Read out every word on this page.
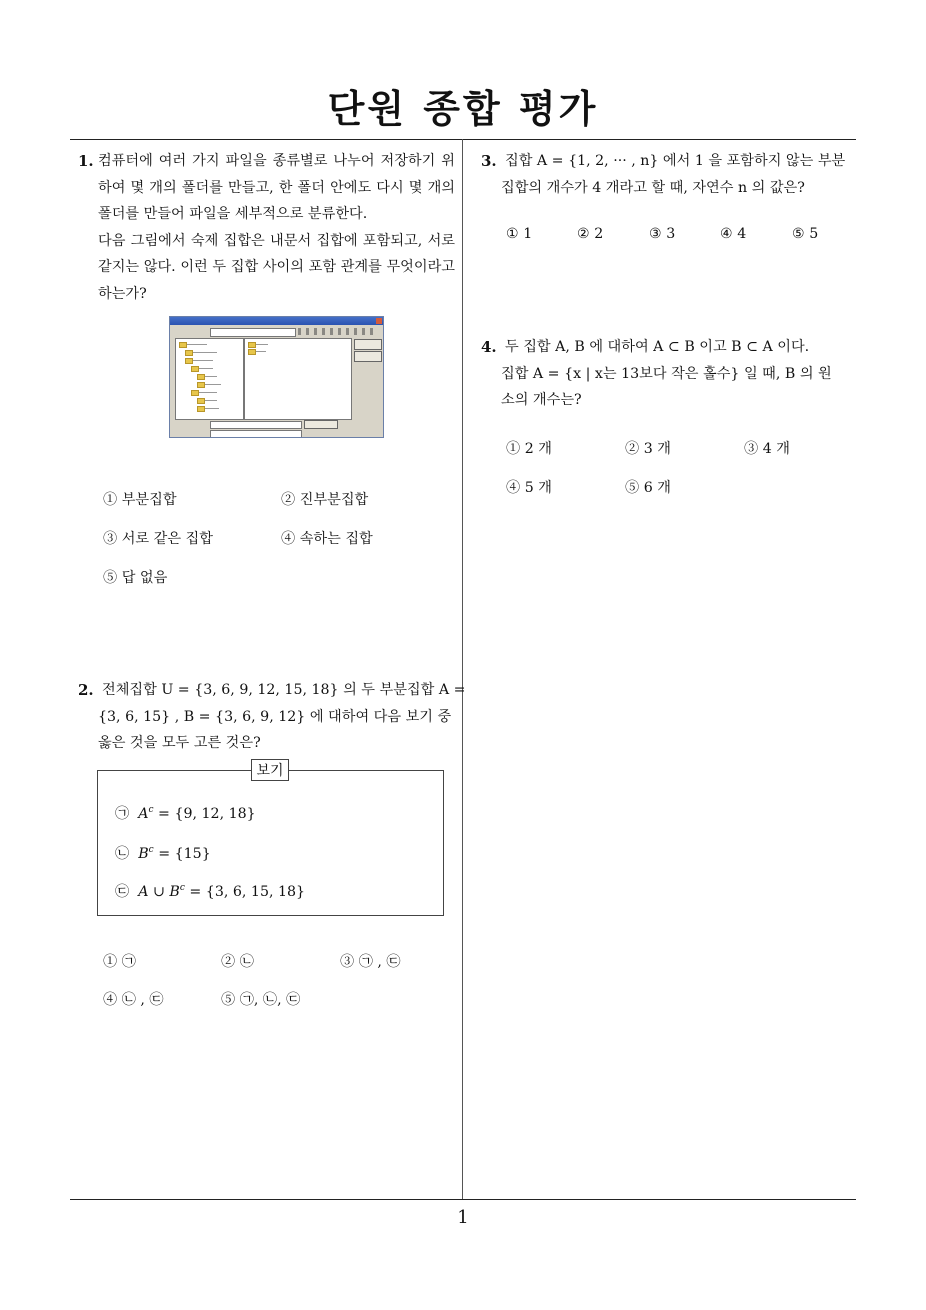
단원 종합 평가
1
1. 컴퓨터에 여러 가지 파일을 종류별로 나누어 저장하기 위하여 몇 개의 폴더를 만들고, 한 폴더 안에도 다시 몇 개의 폴더를 만들어 파일을 세부적으로 분류한다.

다음 그림에서 숙제 집합은 내문서 집합에 포함되고, 서로 같지는 않다. 이런 두 집합 사이의 포함 관계를 무엇이라고 하는가?

① 부분집합	② 진부분집합
③ 서로 같은 집합	④ 속하는 집합
⑤ 답 없음
2. 전체집합 U = {3, 6, 9, 12, 15, 18} 의 두 부분집합 A =

{3, 6, 15} , B = {3, 6, 9, 12} 에 대하여 다음 보기 중

옳은 것을 모두 고른 것은?

보기
㉠ $A^c = \{9$, 12, 18}
㉡ $B^c = \{15\}$
㉢ A ∪ $B^c = \{3$, 6, 15, 18}
① ㉠	② ㉡	③ ㉠ , ㉢
④ ㉡ , ㉢	⑤ ㉠, ㉡, ㉢
3. 집합 A = {1, 2, ··· , n} 에서 1 을 포함하지 않는 부분

집합의 개수가 4 개라고 할 때, 자연수 n 의 값은?

① 1	② 2	③ 3	④ 4	⑤ 5
4. 두 집합 A, B 에 대하여 A ⊂ B 이고 B ⊂ A 이다.

집합 A = {x | x는 13보다 작은 홀수} 일 때, B 의 원

소의 개수는?

① 2 개	② 3 개	③ 4 개
④ 5 개	⑤ 6 개
